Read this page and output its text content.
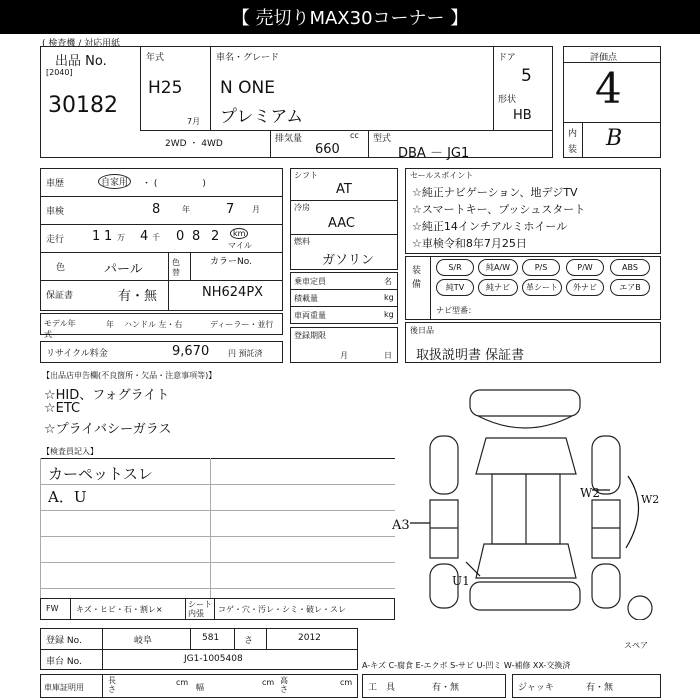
【 売切りMAX30コーナー 】
( 検査機 / 対応用紙
出品 No.
[2040]
30182
年式
H25
7月
車名・グレード
N ONE
プレミアム
ドア
5
形状
HB
2WD ・ 4WD	排気量	cc
660
型式
DBA － JG1
評価点
4
内
装 B
車歴	自家用	・ (　　　　　)
車検	8	年	7 月
走行 1 1 万 4 千 0 8 2	km
マイル
色	パール	色替
カラーNo.
保証書	有・無	NH624PX
モデル年式
年 ハンドル 左・右	ディーラー・並行
リサイクル料金	9,670 円 預託済
シフト
AT
冷房
AAC
燃料
ガソリン
乗車定員	名
積載量	kg
車両重量	kg
登録期限
月	日
セールスポイント
☆純正ナビゲーション、地デジTV
☆スマートキー、プッシュスタート
☆純正14インチアルミホイール
☆車検令和8年7月25日
装備
S/R	純A/W	P/S	P/W	ABS
純TV	純ナビ	革シート	外ナビ	エアB
ナビ型番：
後日品
取扱説明書 保証書
【出品店申告欄(不良箇所・欠品・注意事項等)】
☆HID、フォグライト
☆ETC
☆プライバシーガラス
【検査員記入】
カーペットスレ
A．U
A3
W2	W2
U1
スペア
FW キズ・ヒビ・石・割レ×
シート 内張	コゲ・穴・汚レ・シミ・破レ・スレ
A-キズ C-腐食 E-エクボ S-サビ U-凹ミ W-補修 XX-交換済
登録 No.	岐阜	581	さ	2012
車台 No.	JG1-1005408
車庫証明用
長さ
cm
幅
cm 高さ
cm
工　具	有・無	ジャッキ	有・無
